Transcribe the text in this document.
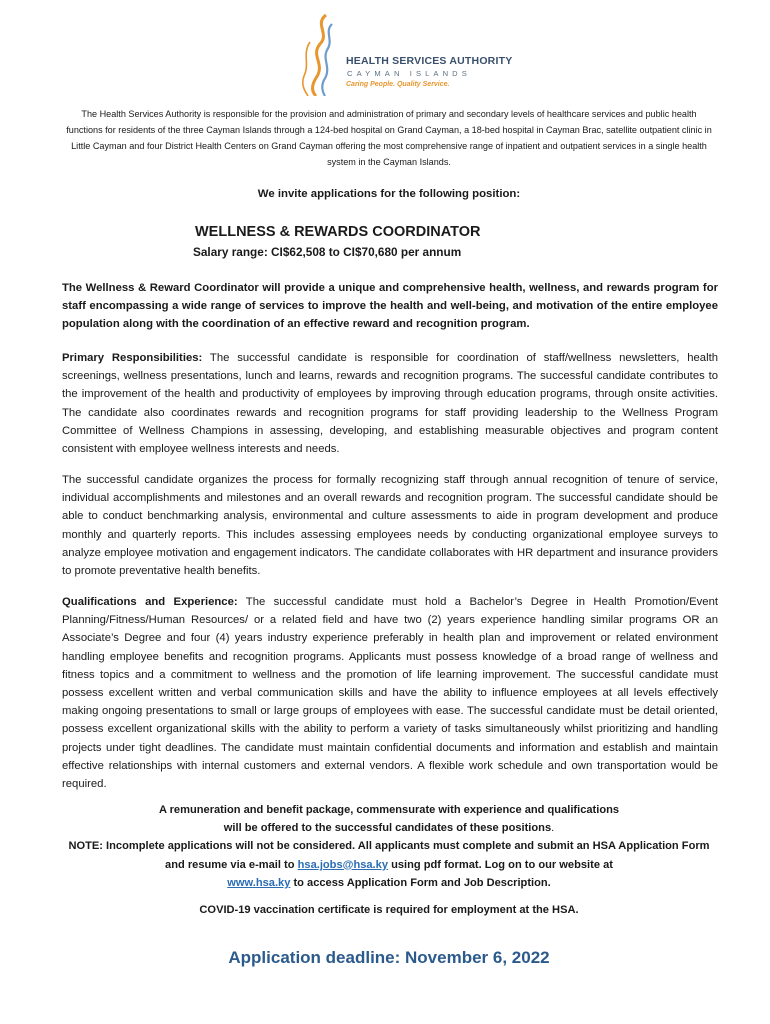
HEALTH SERVICES AUTHORITY
CAYMAN ISLANDS
Caring People. Quality Service.
The Health Services Authority is responsible for the provision and administration of primary and secondary levels of healthcare services and public health functions for residents of the three Cayman Islands through a 124-bed hospital on Grand Cayman, a 18-bed hospital in Cayman Brac, satellite outpatient clinic in Little Cayman and four District Health Centers on Grand Cayman offering the most comprehensive range of inpatient and outpatient services in a single health system in the Cayman Islands.
We invite applications for the following position:
WELLNESS & REWARDS COORDINATOR
Salary range: CI$62,508 to CI$70,680 per annum

The Wellness & Reward Coordinator will provide a unique and comprehensive health, wellness, and rewards program for staff encompassing a wide range of services to improve the health and well-being, and motivation of the entire employee population along with the coordination of an effective reward and recognition program.

Primary Responsibilities: The successful candidate is responsible for coordination of staff/wellness newsletters, health screenings, wellness presentations, lunch and learns, rewards and recognition programs. The successful candidate contributes to the improvement of the health and productivity of employees by improving through education programs, through onsite activities. The candidate also coordinates rewards and recognition programs for staff providing leadership to the Wellness Program Committee of Wellness Champions in assessing, developing, and establishing measurable objectives and program content consistent with employee wellness interests and needs.

The successful candidate organizes the process for formally recognizing staff through annual recognition of tenure of service, individual accomplishments and milestones and an overall rewards and recognition program. The successful candidate should be able to conduct benchmarking analysis, environmental and culture assessments to aide in program development and produce monthly and quarterly reports. This includes assessing employees needs by conducting organizational employee surveys to analyze employee motivation and engagement indicators. The candidate collaborates with HR department and insurance providers to promote preventative health benefits.

Qualifications and Experience: The successful candidate must hold a Bachelor’s Degree in Health Promotion/Event Planning/Fitness/Human Resources/ or a related field and have two (2) years experience handling similar programs OR an Associate’s Degree and four (4) years industry experience preferably in health plan and improvement or related environment handling employee benefits and recognition programs. Applicants must possess knowledge of a broad range of wellness and fitness topics and a commitment to wellness and the promotion of life learning improvement. The successful candidate must possess excellent written and verbal communication skills and have the ability to influence employees at all levels effectively making ongoing presentations to small or large groups of employees with ease. The successful candidate must be detail oriented, possess excellent organizational skills with the ability to perform a variety of tasks simultaneously whilst prioritizing and handling projects under tight deadlines. The candidate must maintain confidential documents and information and establish and maintain effective relationships with internal customers and external vendors. A flexible work schedule and own transportation would be required.

A remuneration and benefit package, commensurate with experience and qualifications
will be offered to the successful candidates of these positions.
NOTE: Incomplete applications will not be considered. All applicants must complete and submit an HSA Application Form and resume via e-mail to hsa.jobs@hsa.ky using pdf format. Log on to our website at
www.hsa.ky to access Application Form and Job Description.

COVID-19 vaccination certificate is required for employment at the HSA.
Application deadline: November 6, 2022
